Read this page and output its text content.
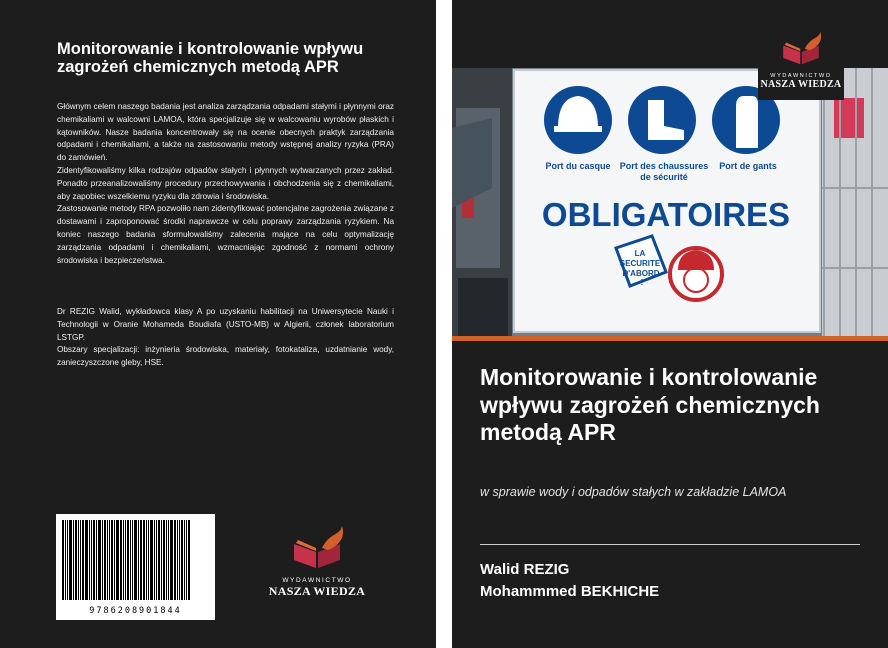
Monitorowanie i kontrolowanie wpływu zagrożeń chemicznych metodą APR

Głównym celem naszego badania jest analiza zarządzania odpadami stałymi i płynnymi oraz chemikaliami w walcowni LAMOA, która specjalizuje się w walcowaniu wyrobów płaskich i kątowników. Nasze badania koncentrowały się na ocenie obecnych praktyk zarządzania odpadami i chemikaliami, a także na zastosowaniu metody wstępnej analizy ryzyka (PRA) do zamówień.

Zidentyfikowaliśmy kilka rodzajów odpadów stałych i płynnych wytwarzanych przez zakład. Ponadto przeanalizowaliśmy procedury przechowywania i obchodzenia się z chemikaliami, aby zapobiec wszelkiemu ryzyku dla zdrowia i środowiska.

Zastosowanie metody RPA pozwoliło nam zidentyfikować potencjalne zagrożenia związane z dostawami i zaproponować środki naprawcze w celu poprawy zarządzania ryzykiem. Na koniec naszego badania sformułowaliśmy zalecenia mające na celu optymalizację zarządzania odpadami i chemikaliami, wzmacniając zgodność z normami ochrony środowiska i bezpieczeństwa.

Dr REZIG Walid, wykładowca klasy A po uzyskaniu habilitacji na Uniwersytecie Nauki i Technologii w Oranie Mohameda Boudiafa (USTO-MB) w Algierii, członek laboratorium LSTGP.

Obszary specjalizacji: inżynieria środowiska, materiały, fotokataliza, uzdatnianie wody, zanieczyszczone gleby, HSE.

9786208901844
WYDAWNICTWO
NASZA WIEDZA
Port du casque Port des chaussures
de sécurité
Port de gants
OBLIGATOIRES
LA
SECURITE
D'ABORD
!
WYDAWNICTWO
NASZA WIEDZA
Monitorowanie i kontrolowanie wpływu zagrożeń chemicznych metodą APR
w sprawie wody i odpadów stałych w zakładzie LAMOA
Walid REZIG
Mohammmed BEKHICHE
